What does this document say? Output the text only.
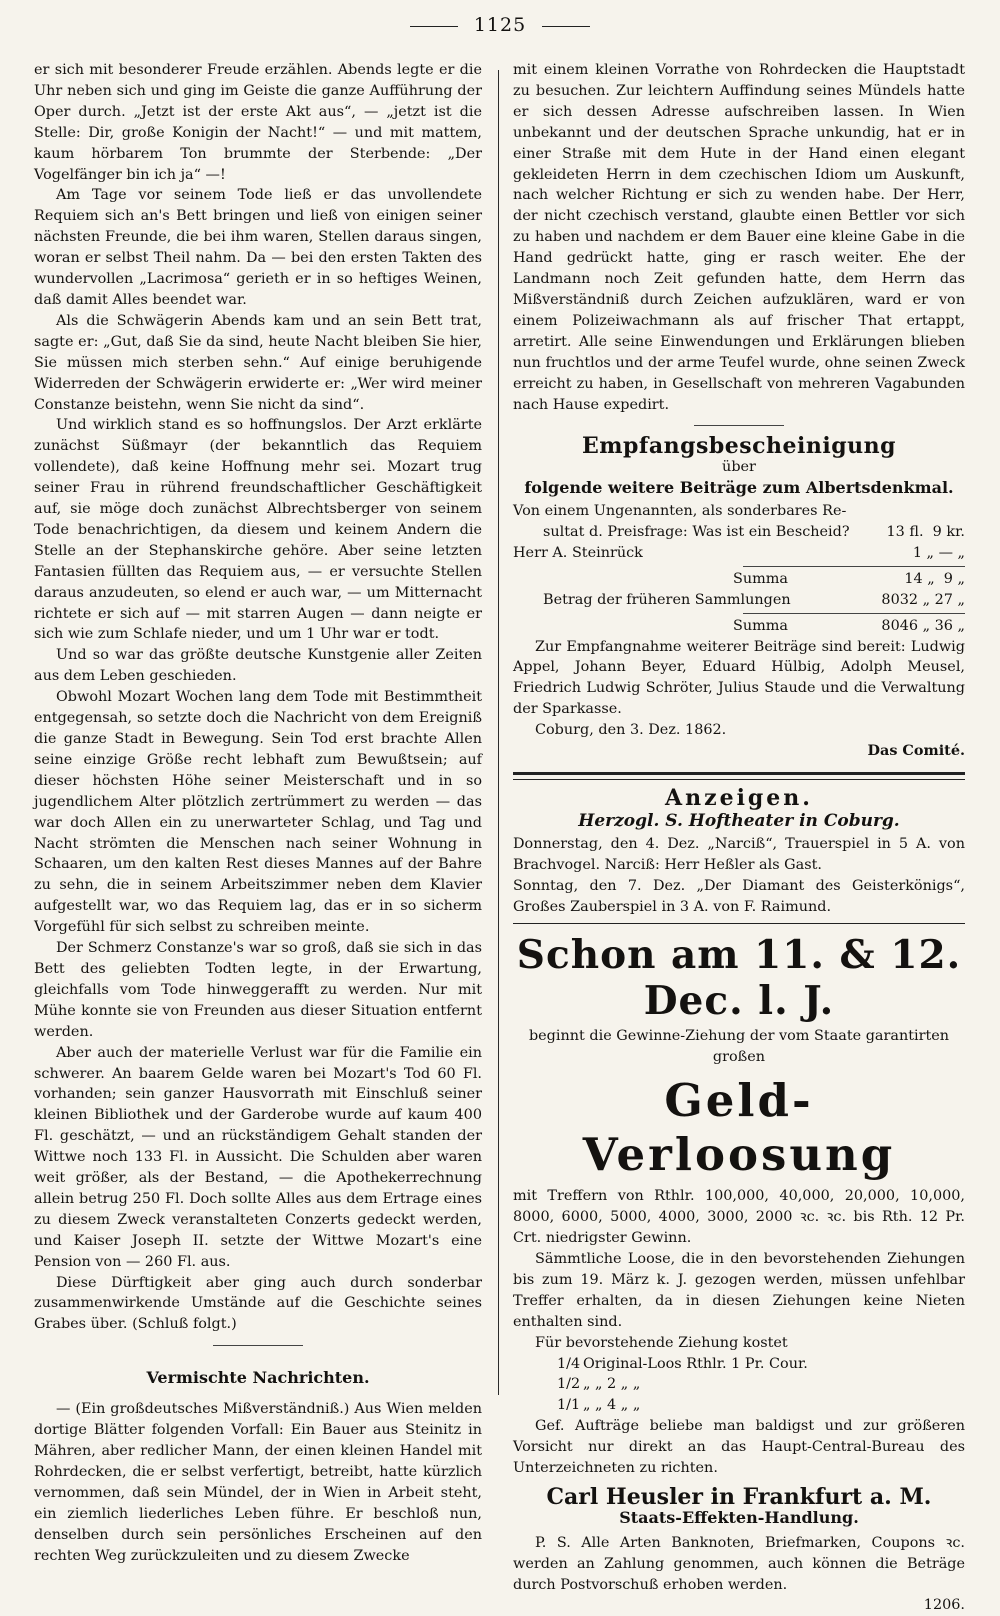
1125

er sich mit besonderer Freude erzählen. Abends legte er die Uhr neben sich und ging im Geiste die ganze Aufführung der Oper durch. „Jetzt ist der erste Akt aus“, — „jetzt ist die Stelle: Dir, große Konigin der Nacht!“ — und mit mattem, kaum hörbarem Ton brummte der Sterbende: „Der Vogelfänger bin ich ja“ —!

Am Tage vor seinem Tode ließ er das unvollendete Requiem sich an's Bett bringen und ließ von einigen seiner nächsten Freunde, die bei ihm waren, Stellen daraus singen, woran er selbst Theil nahm. Da — bei den ersten Takten des wundervollen „Lacrimosa“ gerieth er in so heftiges Weinen, daß damit Alles beendet war.

Als die Schwägerin Abends kam und an sein Bett trat, sagte er: „Gut, daß Sie da sind, heute Nacht bleiben Sie hier, Sie müssen mich sterben sehn.“ Auf einige beruhigende Widerreden der Schwägerin erwiderte er: „Wer wird meiner Constanze beistehn, wenn Sie nicht da sind“.

Und wirklich stand es so hoffnungslos. Der Arzt erklärte zunächst Süßmayr (der bekanntlich das Requiem vollendete), daß keine Hoffnung mehr sei. Mozart trug seiner Frau in rührend freundschaftlicher Geschäftigkeit auf, sie möge doch zunächst Albrechtsberger von seinem Tode benachrichtigen, da diesem und keinem Andern die Stelle an der Stephanskirche gehöre. Aber seine letzten Fantasien füllten das Requiem aus, — er versuchte Stellen daraus anzudeuten, so elend er auch war, — um Mitternacht richtete er sich auf — mit starren Augen — dann neigte er sich wie zum Schlafe nieder, und um 1 Uhr war er todt.

Und so war das größte deutsche Kunstgenie aller Zeiten aus dem Leben geschieden.

Obwohl Mozart Wochen lang dem Tode mit Bestimmtheit entgegensah, so setzte doch die Nachricht von dem Ereigniß die ganze Stadt in Bewegung. Sein Tod erst brachte Allen seine einzige Größe recht lebhaft zum Bewußtsein; auf dieser höchsten Höhe seiner Meisterschaft und in so jugendlichem Alter plötzlich zertrümmert zu werden — das war doch Allen ein zu unerwarteter Schlag, und Tag und Nacht strömten die Menschen nach seiner Wohnung in Schaaren, um den kalten Rest dieses Mannes auf der Bahre zu sehn, die in seinem Arbeitszimmer neben dem Klavier aufgestellt war, wo das Requiem lag, das er in so sicherm Vorgefühl für sich selbst zu schreiben meinte.

Der Schmerz Constanze's war so groß, daß sie sich in das Bett des geliebten Todten legte, in der Erwartung, gleichfalls vom Tode hinweggerafft zu werden. Nur mit Mühe konnte sie von Freunden aus dieser Situation entfernt werden.

Aber auch der materielle Verlust war für die Familie ein schwerer. An baarem Gelde waren bei Mozart's Tod 60 Fl. vorhanden; sein ganzer Hausvorrath mit Einschluß seiner kleinen Bibliothek und der Garderobe wurde auf kaum 400 Fl. geschätzt, — und an rückständigem Gehalt standen der Wittwe noch 133 Fl. in Aussicht. Die Schulden aber waren weit größer, als der Bestand, — die Apothekerrechnung allein betrug 250 Fl. Doch sollte Alles aus dem Ertrage eines zu diesem Zweck veranstalteten Conzerts gedeckt werden, und Kaiser Joseph II. setzte der Wittwe Mozart's eine Pension von — 260 Fl. aus.

Diese Dürftigkeit aber ging auch durch sonderbar zusammenwirkende Umstände auf die Geschichte seines Grabes über. (Schluß folgt.)

Vermischte Nachrichten.

— (Ein großdeutsches Mißverständniß.) Aus Wien melden dortige Blätter folgenden Vorfall: Ein Bauer aus Steinitz in Mähren, aber redlicher Mann, der einen kleinen Handel mit Rohrdecken, die er selbst verfertigt, betreibt, hatte kürzlich vernommen, daß sein Mündel, der in Wien in Arbeit steht, ein ziemlich liederliches Leben führe. Er beschloß nun, denselben durch sein persönliches Erscheinen auf den rechten Weg zurückzuleiten und zu diesem Zwecke

mit einem kleinen Vorrathe von Rohrdecken die Hauptstadt zu besuchen. Zur leichtern Auffindung seines Mündels hatte er sich dessen Adresse aufschreiben lassen. In Wien unbekannt und der deutschen Sprache unkundig, hat er in einer Straße mit dem Hute in der Hand einen elegant gekleideten Herrn in dem czechischen Idiom um Auskunft, nach welcher Richtung er sich zu wenden habe. Der Herr, der nicht czechisch verstand, glaubte einen Bettler vor sich zu haben und nachdem er dem Bauer eine kleine Gabe in die Hand gedrückt hatte, ging er rasch weiter. Ehe der Landmann noch Zeit gefunden hatte, dem Herrn das Mißverständniß durch Zeichen aufzuklären, ward er von einem Polizeiwachmann als auf frischer That ertappt, arretirt. Alle seine Einwendungen und Erklärungen blieben nun fruchtlos und der arme Teufel wurde, ohne seinen Zweck erreicht zu haben, in Gesellschaft von mehreren Vagabunden nach Hause expedirt.

Empfangsbescheinigung
über
folgende weitere Beiträge zum Albertsdenkmal.
Von einem Ungenannten, als sonderbares Re-
sultat d. Preisfrage: Was ist ein Bescheid?	13 fl.  9 kr.
Herr A. Steinrück	1 „ — „
Summa	14 „  9 „
Betrag der früheren Sammlungen	8032 „ 27 „
Summa	8046 „ 36 „

Zur Empfangnahme weiterer Beiträge sind bereit: Ludwig Appel, Johann Beyer, Eduard Hülbig, Adolph Meusel, Friedrich Ludwig Schröter, Julius Staude und die Verwaltung der Sparkasse.

Coburg, den 3. Dez. 1862.

Das Comité.
Anzeigen.
Herzogl. S. Hoftheater in Coburg.

Donnerstag, den 4. Dez. „Narciß“, Trauerspiel in 5 A. von Brachvogel. Narciß: Herr Heßler als Gast.

Sonntag, den 7. Dez. „Der Diamant des Geisterkönigs“, Großes Zauberspiel in 3 A. von F. Raimund.

Schon am 11. & 12. Dec. l. J.

beginnt die Gewinne-Ziehung der vom Staate garantirten großen

Geld-Verloosung

mit Treffern von Rthlr. 100,000, 40,000, 20,000, 10,000, 8000, 6000, 5000, 4000, 3000, 2000 ꝛc. ꝛc. bis Rth. 12 Pr. Crt. niedrigster Gewinn.

Sämmtliche Loose, die in den bevorstehenden Ziehungen bis zum 19. März k. J. gezogen werden, müssen unfehlbar Treffer erhalten, da in diesen Ziehungen keine Nieten enthalten sind.

Für bevorstehende Ziehung kostet

1/4 Original-Loos Rthlr. 1 Pr. Cour.
1/2 „ „ 2 „ „
1/1 „ „ 4 „ „

Gef. Aufträge beliebe man baldigst und zur größeren Vorsicht nur direkt an das Haupt-Central-Bureau des Unterzeichneten zu richten.

Carl Heusler in Frankfurt a. M.
Staats-Effekten-Handlung.

P. S. Alle Arten Banknoten, Briefmarken, Coupons ꝛc. werden an Zahlung genommen, auch können die Beträge durch Postvorschuß erhoben werden.

1206.
